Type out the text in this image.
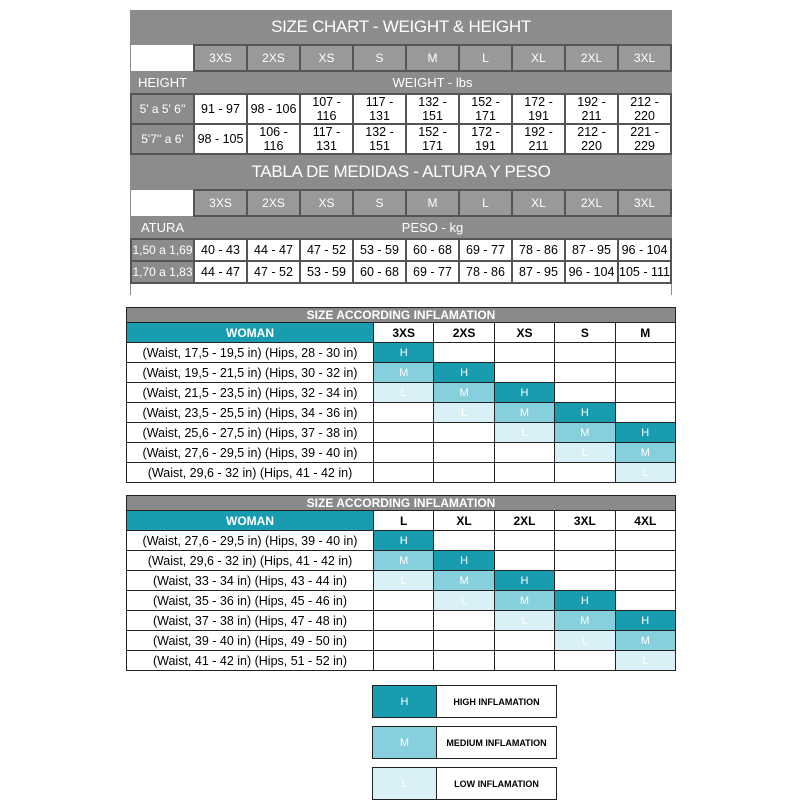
SIZE CHART - WEIGHT & HEIGHT									
	3XS	2XS	XS	S	M	L	XL	2XL	3XL
HEIGHT	WEIGHT - lbs								
5' a 5' 6''	91 - 97	98 - 106	107 - 116	117 - 131	132 - 151	152 - 171	172 - 191	192 - 211	212 - 220
5'7'' a 6'	98 - 105	106 - 116	117 - 131	132 - 151	152 - 171	172 - 191	192 - 211	212 - 220	221 - 229

TABLA DE MEDIDAS - ALTURA Y PESO									
	3XS	2XS	XS	S	M	L	XL	2XL	3XL
ATURA	PESO - kg								
1,50 a 1,69	40 - 43	44 - 47	47 - 52	53 - 59	60 - 68	69 - 77	78 - 86	87 - 95	96 - 104
1,70 a 1,83	44 - 47	47 - 52	53 - 59	60 - 68	69 - 77	78 - 86	87 - 95	96 - 104	105 - 111

SIZE ACCORDING INFLAMATION					
WOMAN	3XS	2XS	XS	S	M
(Waist, 17,5 - 19,5 in) (Hips, 28 - 30 in)	H				
(Waist, 19,5 - 21,5 in) (Hips, 30 - 32 in)	M	H			
(Waist, 21,5 - 23,5 in) (Hips, 32 - 34 in)	L	M	H		
(Waist, 23,5 - 25,5 in) (Hips, 34 - 36 in)		L	M	H	
(Waist, 25,6 - 27,5 in) (Hips, 37 - 38 in)			L	M	H
(Waist, 27,6 - 29,5 in) (Hips, 39 - 40 in)				L	M
(Waist, 29,6 - 32 in) (Hips, 41 - 42 in)					L
SIZE ACCORDING INFLAMATION					
WOMAN	L	XL	2XL	3XL	4XL
(Waist, 27,6 - 29,5 in) (Hips, 39 - 40 in)	H				
(Waist, 29,6 - 32 in) (Hips, 41 - 42 in)	M	H			
(Waist, 33 - 34 in) (Hips, 43 - 44 in)	L	M	H		
(Waist, 35 - 36 in) (Hips, 45 - 46 in)		L	M	H	
(Waist, 37 - 38 in) (Hips, 47 - 48 in)			L	M	H
(Waist, 39 - 40 in) (Hips, 49 - 50 in)				L	M
(Waist, 41 - 42 in) (Hips, 51 - 52 in)					L
H	HIGH INFLAMATION
M	MEDIUM INFLAMATION
L	LOW INFLAMATION
